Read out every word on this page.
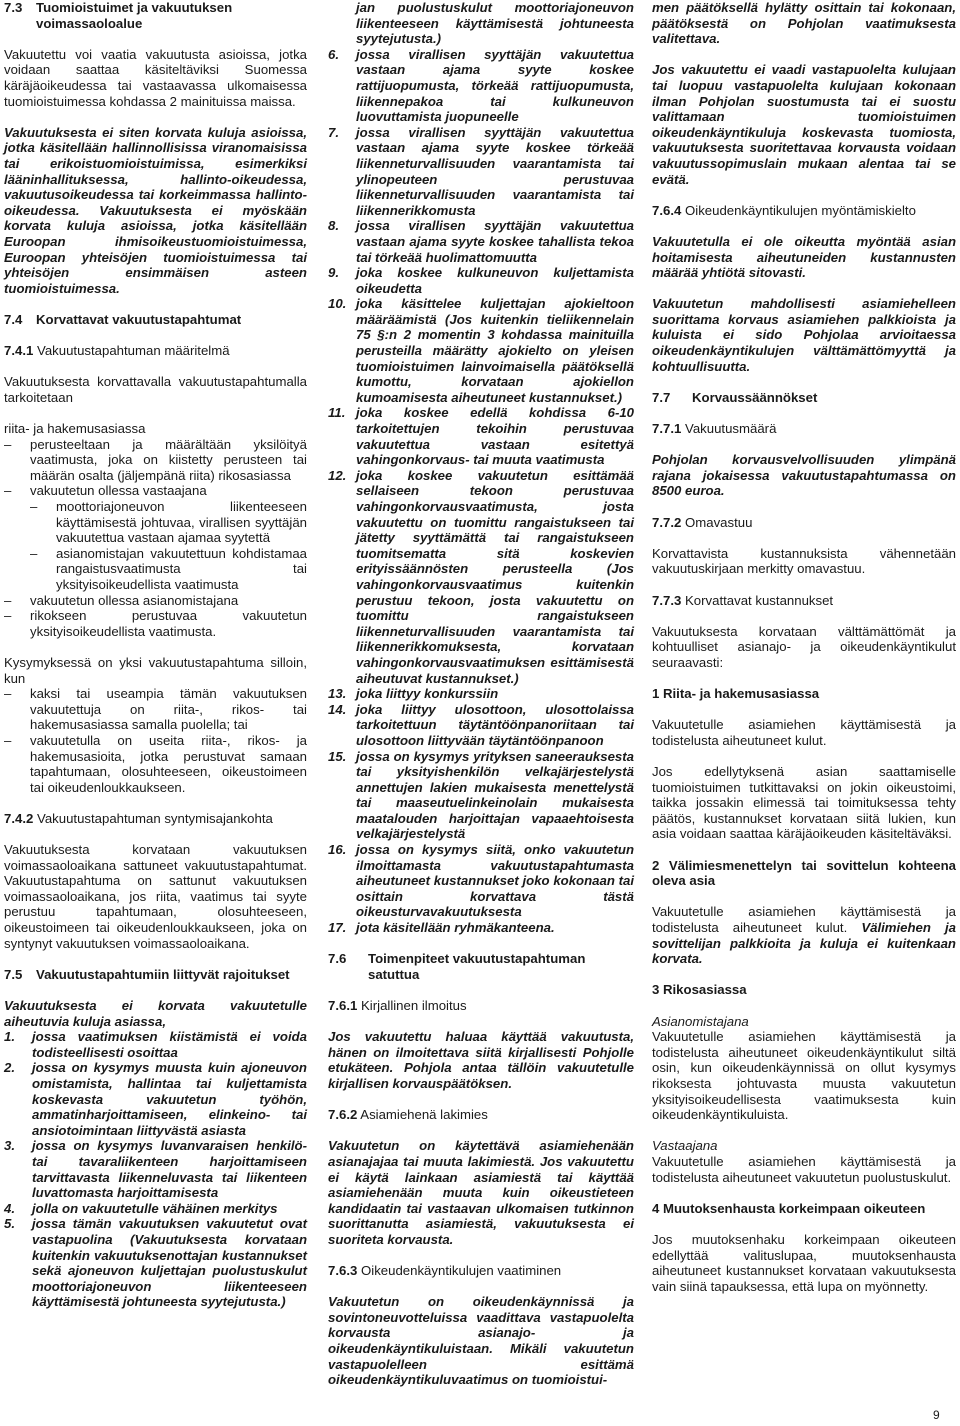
7.3	Tuomioistuimet ja vakuutuksen voimassaoloalue

Vakuutettu voi vaatia vakuutusta asioissa, jotka voidaan saattaa käsiteltäviksi Suomessa käräjäoikeudessa tai vastaavassa ulkomaisessa tuomioistuimessa kohdassa 2 mainituissa maissa.

Vakuutuksesta ei siten korvata kuluja asioissa, jotka käsitellään hallinnollisissa viranomaisissa tai erikoistuomioistuimissa, esimerkiksi lääninhallituksessa, hallinto-oikeudessa, vakuutusoikeudessa tai korkeimmassa hallinto-oikeudessa. Vakuutuksesta ei myöskään korvata kuluja asioissa, jotka käsitellään Euroopan ihmisoikeustuomioistuimessa, Euroopan yhteisöjen tuomioistuimessa tai yhteisöjen ensimmäisen asteen tuomioistuimessa.

7.4	Korvattavat vakuutustapahtumat

7.4.1 Vakuutustapahtuman määritelmä

Vakuutuksesta korvattavalla vakuutustapahtumalla tarkoitetaan

riita- ja hakemusasiassa

–	perusteeltaan ja määrältään yksilöityä vaatimusta, joka on kiistetty perusteen tai määrän osalta (jäljempänä riita) rikosasiassa
–	vakuutetun ollessa vastaajana
–	moottoriajoneuvon liikenteeseen käyttämisestä johtuvaa, virallisen syyttäjän vakuutettua vastaan ajamaa syytettä
–	asianomistajan vakuutettuun kohdistamaa rangaistusvaatimusta tai yksityisoikeudellista vaatimusta
–	vakuutetun ollessa asianomistajana
–	rikokseen perustuvaa vakuutetun yksityisoikeudellista vaatimusta.

Kysymyksessä on yksi vakuutustapahtuma silloin, kun

–	kaksi tai useampia tämän vakuutuksen vakuutettuja on riita-, rikos- tai hakemusasiassa samalla puolella; tai
–	vakuutetulla on useita riita-, rikos- ja hakemusasioita, jotka perustuvat samaan tapahtumaan, olosuhteeseen, oikeustoimeen tai oikeudenloukkaukseen.

7.4.2 Vakuutustapahtuman syntymisajankohta

Vakuutuksesta korvataan vakuutuksen voimassaoloaikana sattuneet vakuutustapahtumat. Vakuutustapahtuma on sattunut vakuutuksen voimassaoloaikana, jos riita, vaatimus tai syyte perustuu tapahtumaan, olosuhteeseen, oikeustoimeen tai oikeudenloukkaukseen, joka on syntynyt vakuutuksen voimassaoloaikana.

7.5	Vakuutustapahtumiin liittyvät rajoitukset

Vakuutuksesta ei korvata vakuutetulle aiheutuvia kuluja asiassa,

1.	jossa vaatimuksen kiistämistä ei voida todisteellisesti osoittaa
2.	jossa on kysymys muusta kuin ajoneuvon omistamista, hallintaa tai kuljettamista koskevasta vakuutetun työhön, ammatinharjoittamiseen, elinkeino- tai ansiotoimintaan liittyvästä asiasta
3.	jossa on kysymys luvanvaraisen henkilö- tai tavaraliikenteen harjoittamiseen tarvittavasta liikenneluvasta tai liikenteen luvattomasta harjoittamisesta
4.	jolla on vakuutetulle vähäinen merkitys
5.	jossa tämän vakuutuksen vakuutetut ovat vastapuolina (Vakuutuksesta korvataan kuitenkin vakuutuksenottajan kustannukset sekä ajoneuvon kuljettajan puolustuskulut moottoriajoneuvon liikenteeseen käyttämisestä johtuneesta syytejutusta.)

jan puolustuskulut moottoriajoneuvon liikenteeseen käyttämisestä johtuneesta syytejutusta.)

6.	jossa virallisen syyttäjän vakuutettua vastaan ajama syyte koskee rattijuopumusta, törkeää rattijuopumusta, liikennepakoa tai kulkuneuvon luovuttamista juopuneelle
7.	jossa virallisen syyttäjän vakuutettua vastaan ajama syyte koskee törkeää liikenneturvallisuuden vaarantamista tai ylinopeuteen perustuvaa liikenneturvallisuuden vaarantamista tai liikennerikkomusta
8.	jossa virallisen syyttäjän vakuutettua vastaan ajama syyte koskee tahallista tekoa tai törkeää huolimattomuutta
9.	joka koskee kulkuneuvon kuljettamista oikeudetta
10. joka käsittelee kuljettajan ajokieltoon määräämistä (Jos kuitenkin tieliikennelain 75 §:n 2 momentin 3 kohdassa mainituilla perusteilla määrätty ajokielto on yleisen tuomioistuimen lainvoimaisella päätöksellä kumottu, korvataan ajokiellon kumoamisesta aiheutuneet kustannukset.)
11. joka koskee edellä kohdissa 6-10 tarkoitettujen tekoihin perustuvaa vakuutettua vastaan esitettyä vahingonkorvaus- tai muuta vaatimusta
12. joka koskee vakuutetun esittämää sellaiseen tekoon perustuvaa vahingonkorvausvaatimusta, josta vakuutettu on tuomittu rangaistukseen tai jätetty syyttämättä tai rangaistukseen tuomitsematta sitä koskevien erityissäännösten perusteella (Jos vahingonkorvausvaatimus kuitenkin perustuu tekoon, josta vakuutettu on tuomittu rangaistukseen liikenneturvallisuuden vaarantamista tai liikennerikkomuksesta, korvataan vahingonkorvausvaatimuksen esittämisestä aiheutuvat kustannukset.)
13. joka liittyy konkurssiin
14. joka liittyy ulosottoon, ulosottolaissa tarkoitettuun täytäntöönpanoriitaan tai ulosottoon liittyvään täytäntöönpanoon
15. jossa on kysymys yrityksen saneerauksesta tai yksityishenkilön velkajärjestelystä annettujen lakien mukaisesta menettelystä tai maaseutuelinkeinolain mukaisesta maatalouden harjoittajan vapaaehtoisesta velkajärjestelystä
16. jossa on kysymys siitä, onko vakuutetun ilmoittamasta vakuutustapahtumasta aiheutuneet kustannukset joko kokonaan tai osittain korvattava tästä oikeusturvavakuutuksesta
17. jota käsitellään ryhmäkanteena.
7.6	Toimenpiteet vakuutustapahtuman satuttua

7.6.1 Kirjallinen ilmoitus

Jos vakuutettu haluaa käyttää vakuutusta, hänen on ilmoitettava siitä kirjallisesti Pohjolle etukäteen. Pohjola antaa tällöin vakuutetulle kirjallisen korvauspäätöksen.

7.6.2 Asiamiehenä lakimies

Vakuutetun on käytettävä asiamiehenään asianajajaa tai muuta lakimiestä. Jos vakuutettu ei käytä lainkaan asiamiestä tai käyttää asiamiehenään muuta kuin oikeustieteen kandidaatin tai vastaavan ulkomaisen tutkinnon suorittanutta asiamiestä, vakuutuksesta ei suoriteta korvausta.

7.6.3 Oikeudenkäyntikulujen vaatiminen

Vakuutetun on oikeudenkäynnissä ja sovintoneuvotteluissa vaadittava vastapuolelta korvausta asianajo- ja oikeudenkäyntikuluistaan. Mikäli vakuutetun vastapuolelleen esittämä oikeudenkäyntikuluvaatimus on tuomioistui-

men päätöksellä hylätty osittain tai kokonaan, päätöksestä on Pohjolan vaatimuksesta valitettava.

Jos vakuutettu ei vaadi vastapuolelta kulujaan tai luopuu vastapuolelta kulujaan kokonaan ilman Pohjolan suostumusta tai ei suostu valittamaan tuomioistuimen oikeudenkäyntikuluja koskevasta tuomiosta, vakuutuksesta suoritettavaa korvausta voidaan vakuutussopimuslain mukaan alentaa tai se evätä.

7.6.4 Oikeudenkäyntikulujen myöntämiskielto

Vakuutetulla ei ole oikeutta myöntää asian hoitamisesta aiheutuneiden kustannusten määrää yhtiötä sitovasti.

Vakuutetun mahdollisesti asiamiehelleen suorittama korvaus asiamiehen palkkioista ja kuluista ei sido Pohjolaa arvioitaessa oikeudenkäyntikulujen välttämättömyyttä ja kohtuullisuutta.

7.7	Korvaussäännökset

7.7.1 Vakuutusmäärä

Pohjolan korvausvelvollisuuden ylimpänä rajana jokaisessa vakuutustapahtumassa on 8500 euroa.

7.7.2 Omavastuu

Korvattavista kustannuksista vähennetään vakuutuskirjaan merkitty omavastuu.

7.7.3 Korvattavat kustannukset

Vakuutuksesta korvataan välttämättömät ja kohtuulliset asianajo- ja oikeudenkäyntikulut seuraavasti:

1 Riita- ja hakemusasiassa

Vakuutetulle asiamiehen käyttämisestä ja todistelusta aiheutuneet kulut.

Jos edellytyksenä asian saattamiselle tuomioistuimen tutkittavaksi on jokin oikeustoimi, taikka jossakin elimessä tai toimituksessa tehty päätös, kustannukset korvataan siitä lukien, kun asia voidaan saattaa käräjäoikeuden käsiteltäväksi.

2 Välimiesmenettelyn tai sovittelun kohteena oleva asia

Vakuutetulle asiamiehen käyttämisestä ja todistelusta aiheutuneet kulut. Välimiehen ja sovittelijan palkkioita ja kuluja ei kuitenkaan korvata.

3 Rikosasiassa

Asianomistajana

Vakuutetulle asiamiehen käyttämisestä ja todistelusta aiheutuneet oikeudenkäyntikulut siltä osin, kun oikeudenkäynnissä on ollut kysymys rikoksesta johtuvasta muusta vakuutetun yksityisoikeudellisesta vaatimuksesta kuin oikeudenkäyntikuluista.

Vastaajana

Vakuutetulle asiamiehen käyttämisestä ja todistelusta aiheutuneet vakuutetun puolustuskulut.

4 Muutoksenhausta korkeimpaan oikeuteen

Jos muutoksenhaku korkeimpaan oikeuteen edellyttää valituslupaa, muutoksenhausta aiheutuneet kustannukset korvataan vakuutuksesta vain siinä tapauksessa, että lupa on myönnetty.

9
